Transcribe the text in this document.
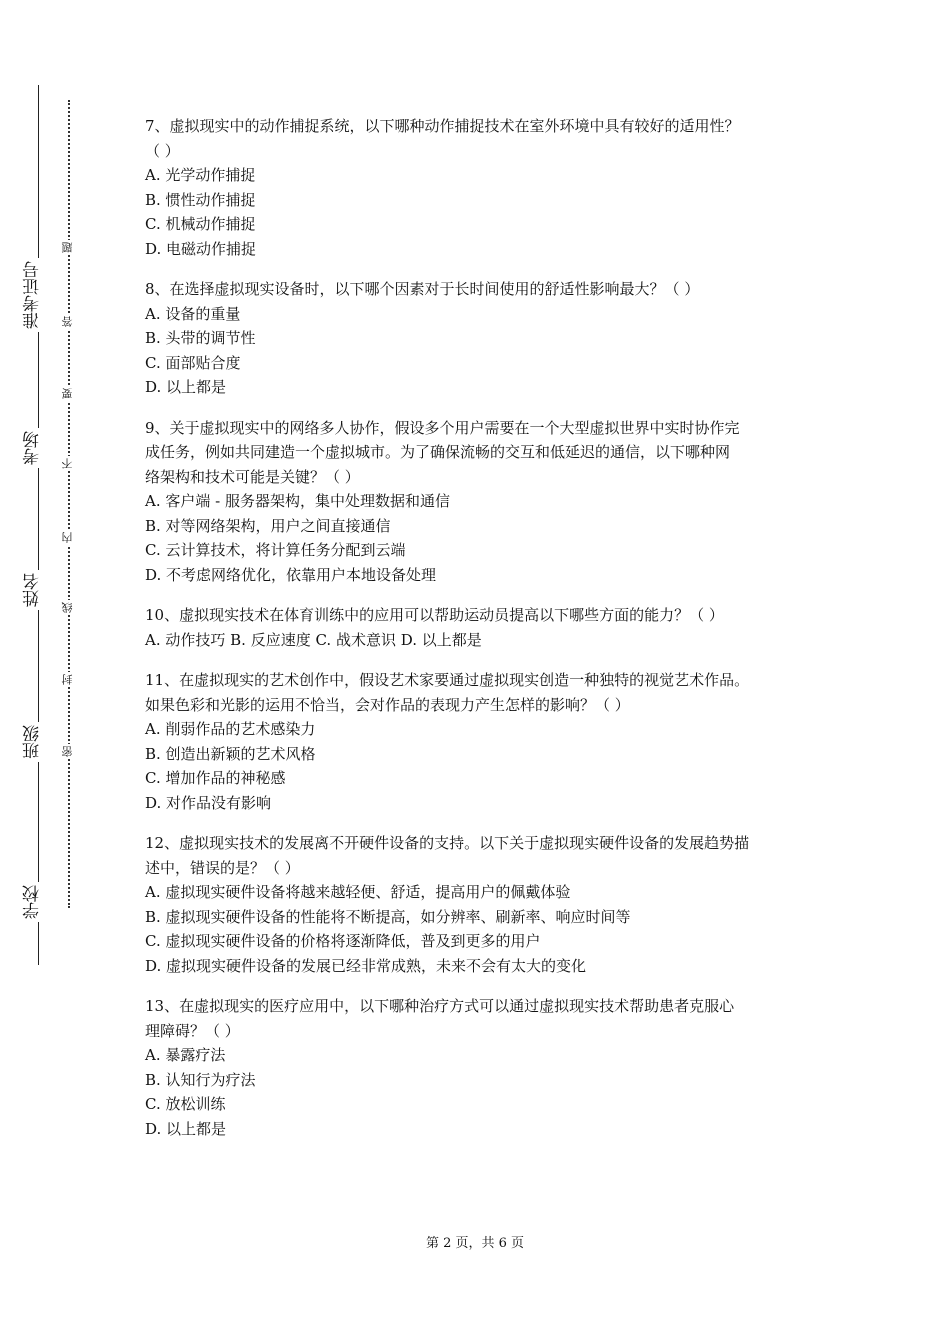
准考证号
考场
姓名
班级
学校
题
答
要
不
内
线
封
密

7、虚拟现实中的动作捕捉系统，以下哪种动作捕捉技术在室外环境中具有较好的适用性？

（ ）

A. 光学动作捕捉

B. 惯性动作捕捉

C. 机械动作捕捉

D. 电磁动作捕捉

8、在选择虚拟现实设备时，以下哪个因素对于长时间使用的舒适性影响最大？（ ）

A. 设备的重量

B. 头带的调节性

C. 面部贴合度

D. 以上都是

9、关于虚拟现实中的网络多人协作，假设多个用户需要在一个大型虚拟世界中实时协作完

成任务，例如共同建造一个虚拟城市。为了确保流畅的交互和低延迟的通信，以下哪种网

络架构和技术可能是关键？（ ）

A. 客户端 - 服务器架构，集中处理数据和通信

B. 对等网络架构，用户之间直接通信

C. 云计算技术，将计算任务分配到云端

D. 不考虑网络优化，依靠用户本地设备处理

10、虚拟现实技术在体育训练中的应用可以帮助运动员提高以下哪些方面的能力？（ ）

A. 动作技巧 B. 反应速度 C. 战术意识 D. 以上都是

11、在虚拟现实的艺术创作中，假设艺术家要通过虚拟现实创造一种独特的视觉艺术作品。

如果色彩和光影的运用不恰当，会对作品的表现力产生怎样的影响？（ ）

A. 削弱作品的艺术感染力

B. 创造出新颖的艺术风格

C. 增加作品的神秘感

D. 对作品没有影响

12、虚拟现实技术的发展离不开硬件设备的支持。以下关于虚拟现实硬件设备的发展趋势描

述中，错误的是？（ ）

A. 虚拟现实硬件设备将越来越轻便、舒适，提高用户的佩戴体验

B. 虚拟现实硬件设备的性能将不断提高，如分辨率、刷新率、响应时间等

C. 虚拟现实硬件设备的价格将逐渐降低，普及到更多的用户

D. 虚拟现实硬件设备的发展已经非常成熟，未来不会有太大的变化

13、在虚拟现实的医疗应用中，以下哪种治疗方式可以通过虚拟现实技术帮助患者克服心

理障碍？（ ）

A. 暴露疗法

B. 认知行为疗法

C. 放松训练

D. 以上都是

第 2 页，共 6 页
